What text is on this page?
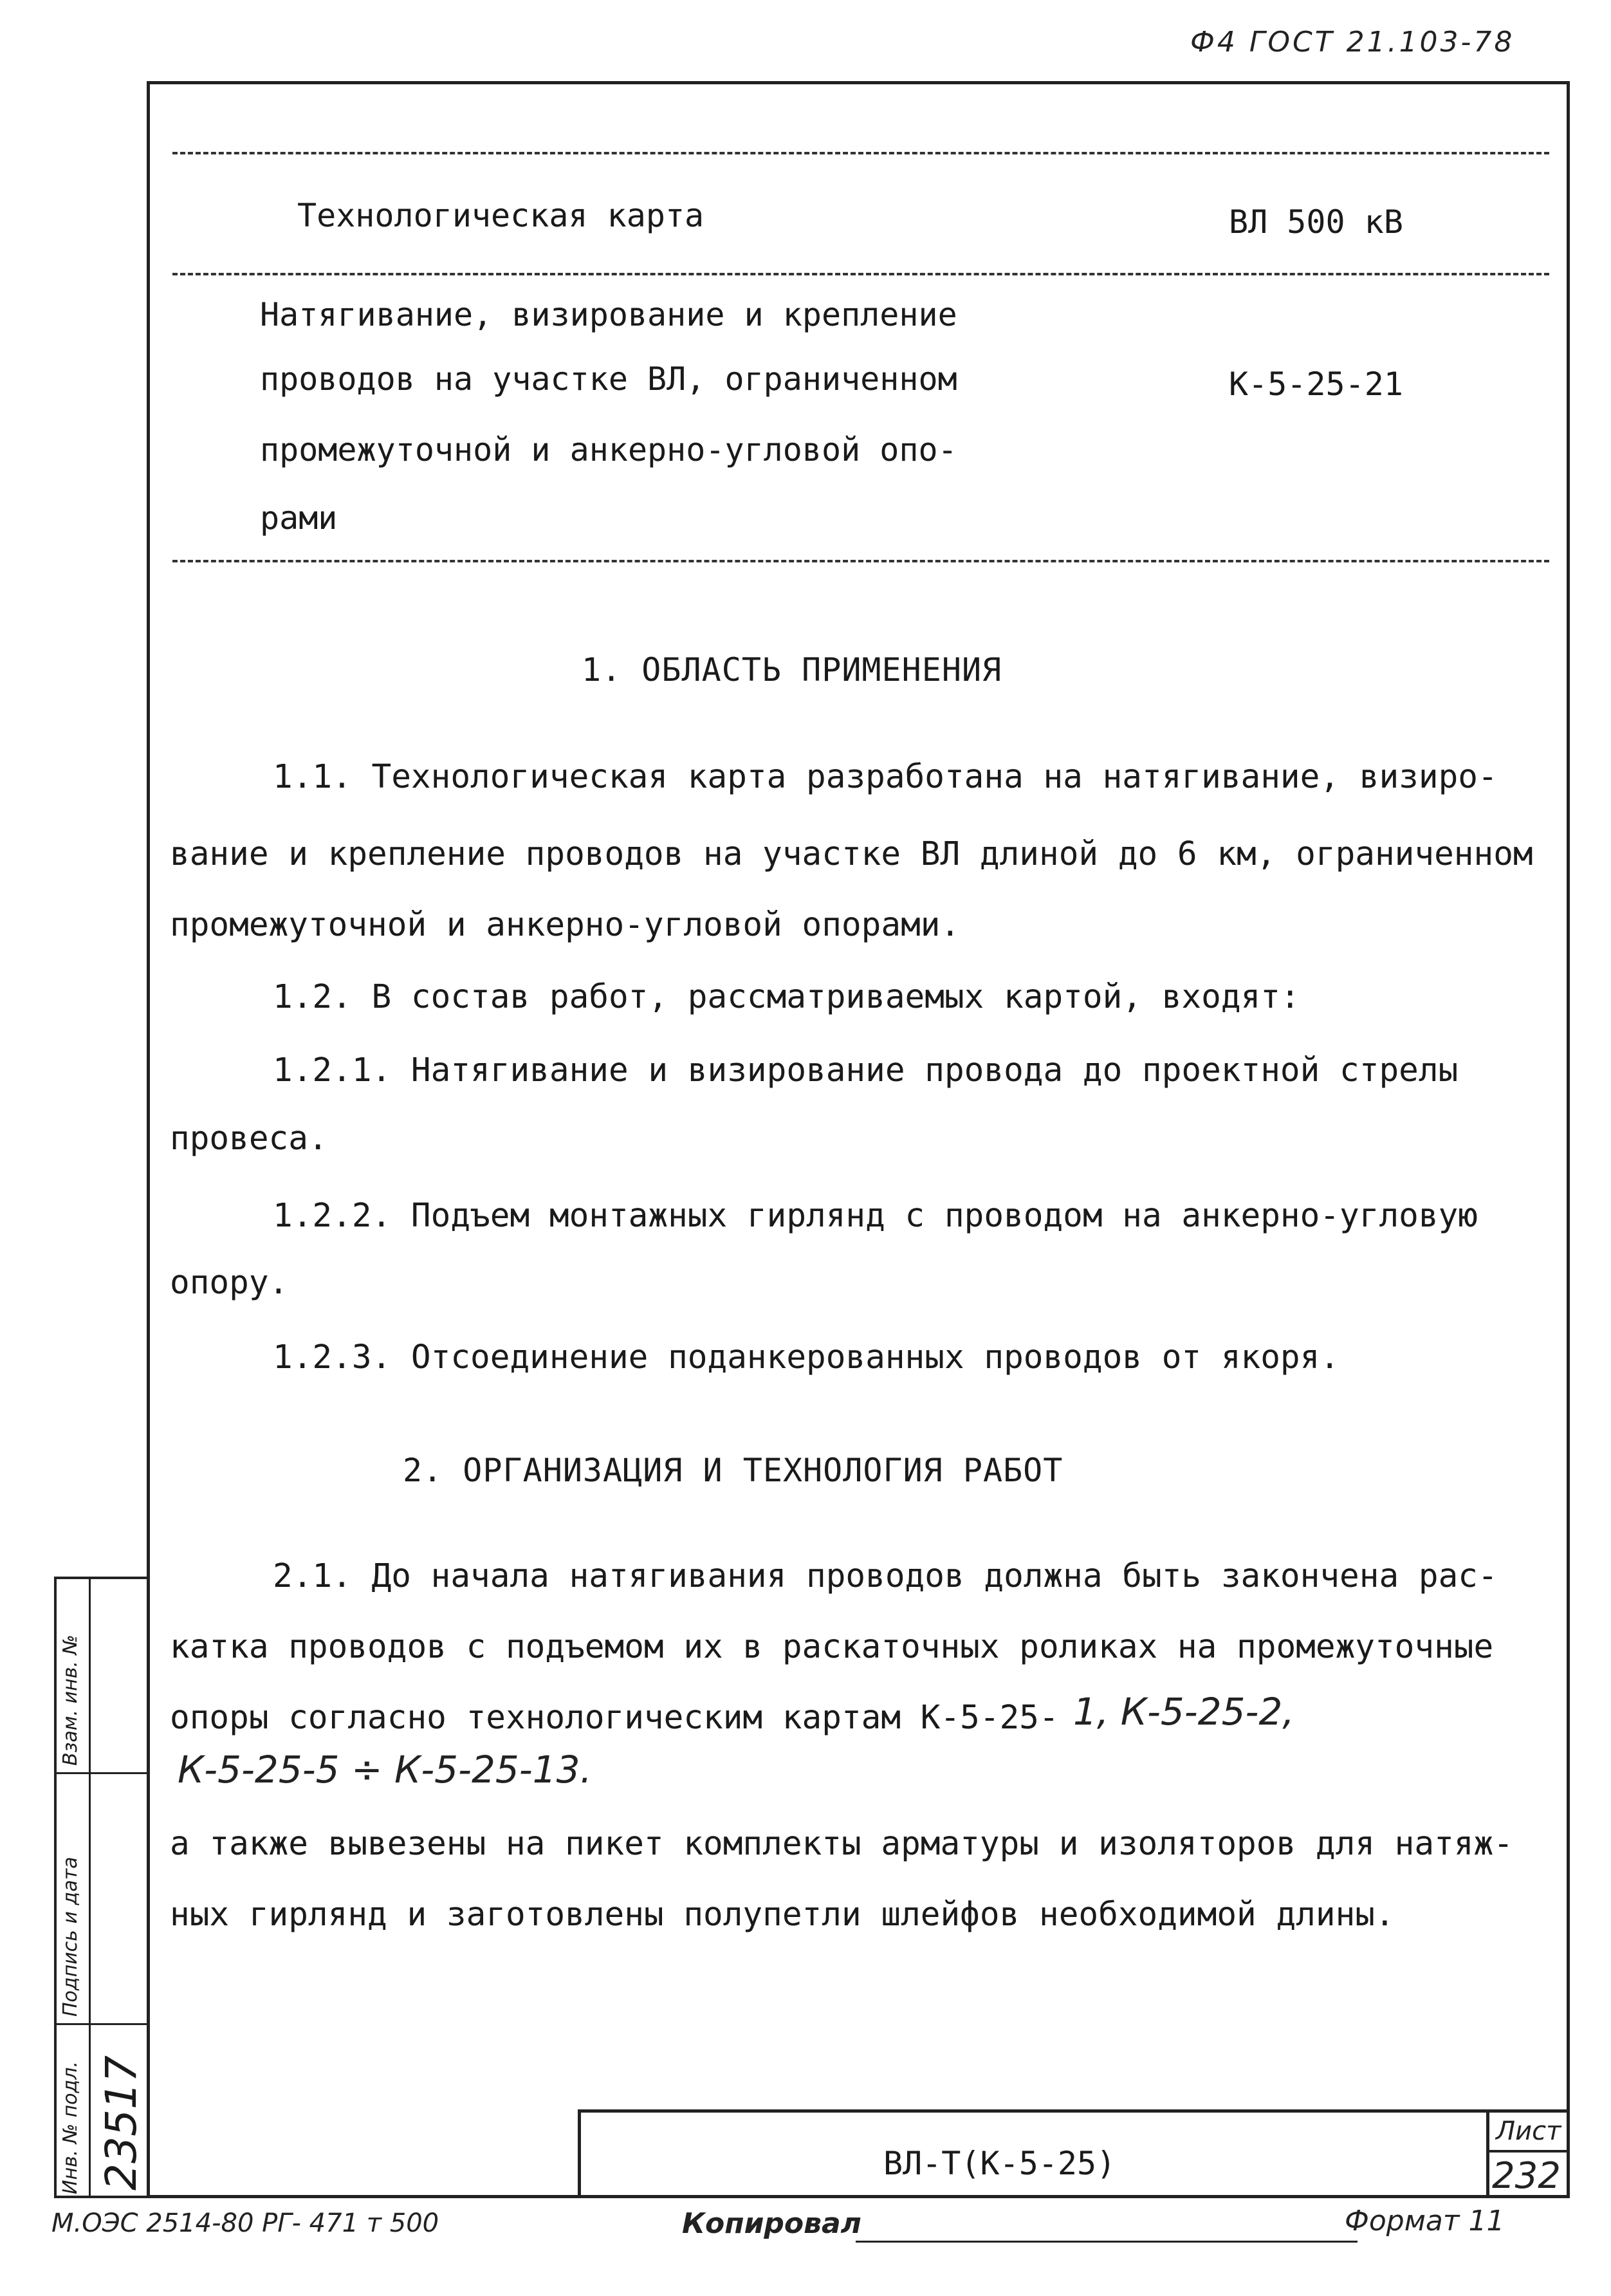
Ф4 ГОСТ 21.103-78
Технологическая карта	ВЛ 500 кВ
Натягивание, визирование и крепление
проводов на участке ВЛ, ограниченном
промежуточной и анкерно-угловой опо-
рами
К-5-25-21
1. ОБЛАСТЬ ПРИМЕНЕНИЯ
1.1. Технологическая карта разработана на натягивание, визиро-
вание и крепление проводов на участке ВЛ длиной до 6 км, ограниченном
промежуточной и анкерно-угловой опорами.
1.2. В состав работ, рассматриваемых картой, входят:
1.2.1. Натягивание и визирование провода до проектной стрелы
провеса.
1.2.2. Подъем монтажных гирлянд с проводом на анкерно-угловую
опору.
1.2.3. Отсоединение поданкерованных проводов от якоря.
2. ОРГАНИЗАЦИЯ И ТЕХНОЛОГИЯ РАБОТ
2.1. До начала натягивания проводов должна быть закончена рас-
катка проводов с подъемом их в раскаточных роликах на промежуточные
опоры согласно технологическим картам К-5-25- 1, К-5-25-2,
К-5-25-5 ÷ К-5-25-13.
а также вывезены на пикет комплекты арматуры и изоляторов для натяж-
ных гирлянд и заготовлены полупетли шлейфов необходимой длины.
Взам. инв. №
Подпись и дата
Инв. № подл. 23517	ВЛ-Т(К-5-25)
Лист
232
М.ОЭС 2514-80 РГ- 471 т 500	Копировал	Формат 11
